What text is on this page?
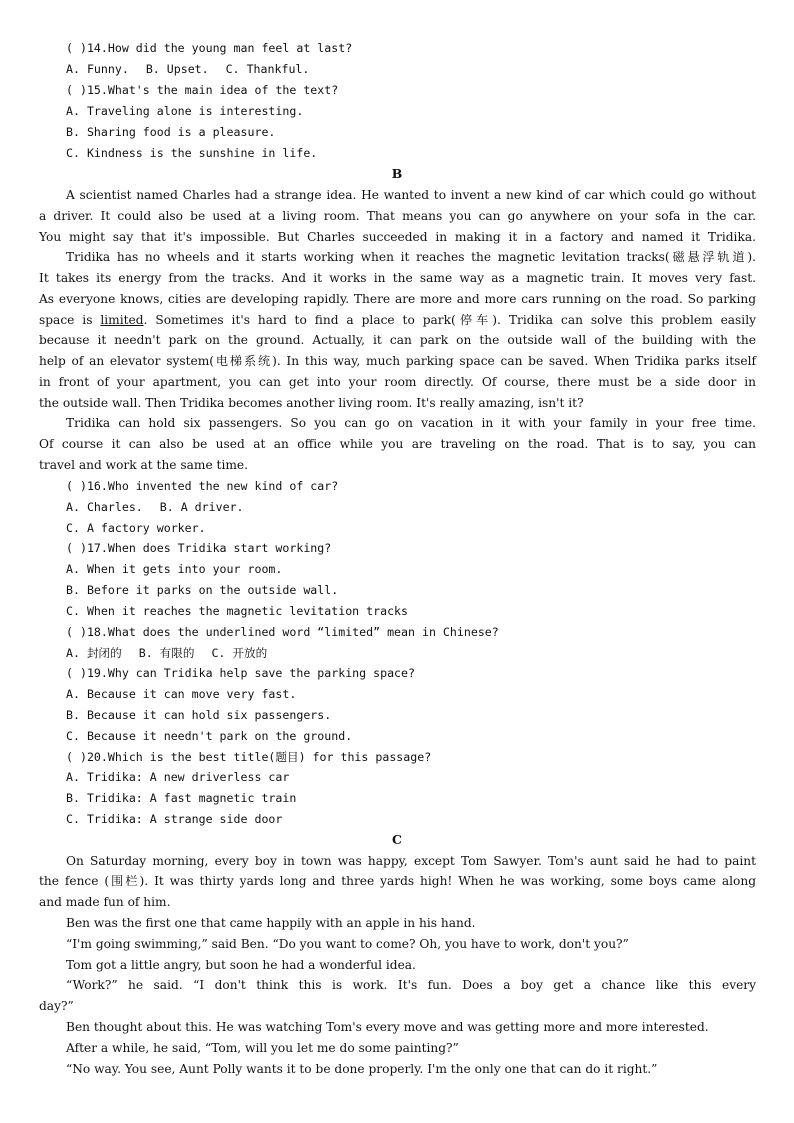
( )14.How did the young man feel at last?
A. Funny. B. Upset. C. Thankful.
( )15.What's the main idea of the text?
A. Traveling alone is interesting.
B. Sharing food is a pleasure.
C. Kindness is the sunshine in life.
B
A scientist named Charles had a strange idea. He wanted to invent a new kind of car which could go without
a driver. It could also be used at a living room. That means you can go anywhere on your sofa in the car.
You might say that it's impossible. But Charles succeeded in making it in a factory and named it Tridika.
Tridika has no wheels and it starts working when it reaches the magnetic levitation tracks(磁悬浮轨道).
It takes its energy from the tracks. And it works in the same way as a magnetic train. It moves very fast.
As everyone knows, cities are developing rapidly. There are more and more cars running on the road. So parking
space is limited. Sometimes it's hard to find a place to park(停车). Tridika can solve this problem easily
because it needn't park on the ground. Actually, it can park on the outside wall of the building with the
help of an elevator system(电梯系统). In this way, much parking space can be saved. When Tridika parks itself
in front of your apartment, you can get into your room directly. Of course, there must be a side door in
the outside wall. Then Tridika becomes another living room. It's really amazing, isn't it?
Tridika can hold six passengers. So you can go on vacation in it with your family in your free time.
Of course it can also be used at an office while you are traveling on the road. That is to say, you can
travel and work at the same time.
( )16.Who invented the new kind of car?
A. Charles. B. A driver.
C. A factory worker.
( )17.When does Tridika start working?
A. When it gets into your room.
B. Before it parks on the outside wall.
C. When it reaches the magnetic levitation tracks
( )18.What does the underlined word “limited” mean in Chinese?
A. 封闭的 B. 有限的 C. 开放的
( )19.Why can Tridika help save the parking space?
A. Because it can move very fast.
B. Because it can hold six passengers.
C. Because it needn't park on the ground.
( )20.Which is the best title(题目) for this passage?
A. Tridika: A new driverless car
B. Tridika: A fast magnetic train
C. Tridika: A strange side door
C
On Saturday morning, every boy in town was happy, except Tom Sawyer. Tom's aunt said he had to paint
the fence (围栏). It was thirty yards long and three yards high! When he was working, some boys came along
and made fun of him.
Ben was the first one that came happily with an apple in his hand.
“I'm going swimming,” said Ben. “Do you want to come? Oh, you have to work, don't you?”
Tom got a little angry, but soon he had a wonderful idea.
“Work?” he said. “I don't think this is work. It's fun. Does a boy get a chance like this every
day?”
Ben thought about this. He was watching Tom's every move and was getting more and more interested.
After a while, he said, “Tom, will you let me do some painting?”
“No way. You see, Aunt Polly wants it to be done properly. I'm the only one that can do it right.”
